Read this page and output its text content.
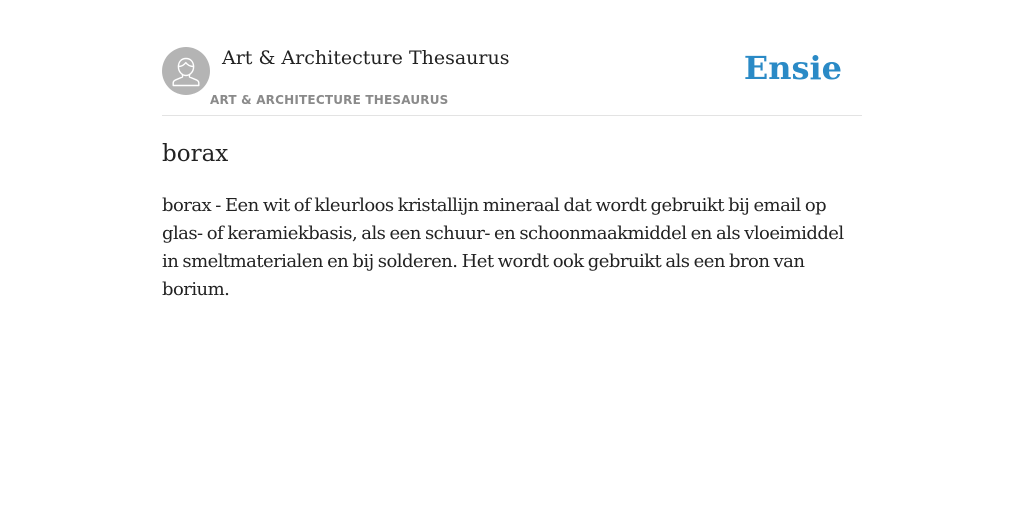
Art & Architecture Thesaurus
ART & ARCHITECTURE THESAURUS
Ensie
borax

borax - Een wit of kleurloos kristallijn mineraal dat wordt gebruikt bij email op glas- of keramiekbasis, als een schuur- en schoonmaakmiddel en als vloeimiddel in smeltmaterialen en bij solderen. Het wordt ook gebruikt als een bron van borium.
